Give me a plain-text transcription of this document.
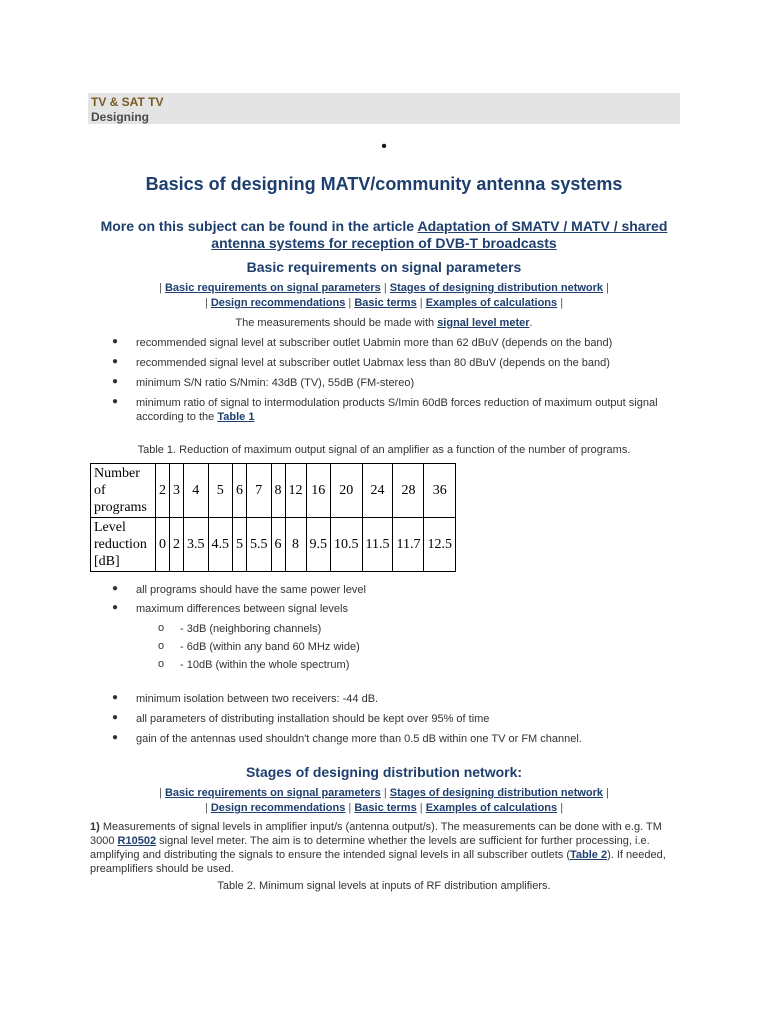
TV & SAT TV
Designing
•
Basics of designing MATV/community antenna systems

More on this subject can be found in the article Adaptation of SMATV / MATV / shared antenna systems for reception of DVB-T broadcasts

Basic requirements on signal parameters
| Basic requirements on signal parameters | Stages of designing distribution network |
| Design recommendations | Basic terms | Examples of calculations |
The measurements should be made with signal level meter.
● recommended signal level at subscriber outlet Uabmin more than 62 dBuV (depends on the band)
● recommended signal level at subscriber outlet Uabmax less than 80 dBuV (depends on the band)
● minimum S/N ratio S/Nmin: 43dB (TV), 55dB (FM-stereo)
● minimum ratio of signal to intermodulation products S/Imin 60dB forces reduction of maximum output signal according to the Table 1
Table 1. Reduction of maximum output signal of an amplifier as a function of the number of programs.
Number of programs	2	3	4	5	6	7	8	12	16	20	24	28	36
Level reduction [dB]	0	2	3.5	4.5	5	5.5	6	8	9.5	10.5	11.5	11.7	12.5
● all programs should have the same power level
● maximum differences between signal levels
o - 3dB (neighboring channels)
o - 6dB (within any band 60 MHz wide)
o - 10dB (within the whole spectrum)
● minimum isolation between two receivers: -44 dB.
● all parameters of distributing installation should be kept over 95% of time
● gain of the antennas used shouldn't change more than 0.5 dB within one TV or FM channel.
Stages of designing distribution network:
| Basic requirements on signal parameters | Stages of designing distribution network |
| Design recommendations | Basic terms | Examples of calculations |
1) Measurements of signal levels in amplifier input/s (antenna output/s). The measurements can be done with e.g. TM 3000 R10502 signal level meter. The aim is to determine whether the levels are sufficient for further processing, i.e. amplifying and distributing the signals to ensure the intended signal levels in all subscriber outlets (Table 2). If needed, preamplifiers should be used.
Table 2. Minimum signal levels at inputs of RF distribution amplifiers.
